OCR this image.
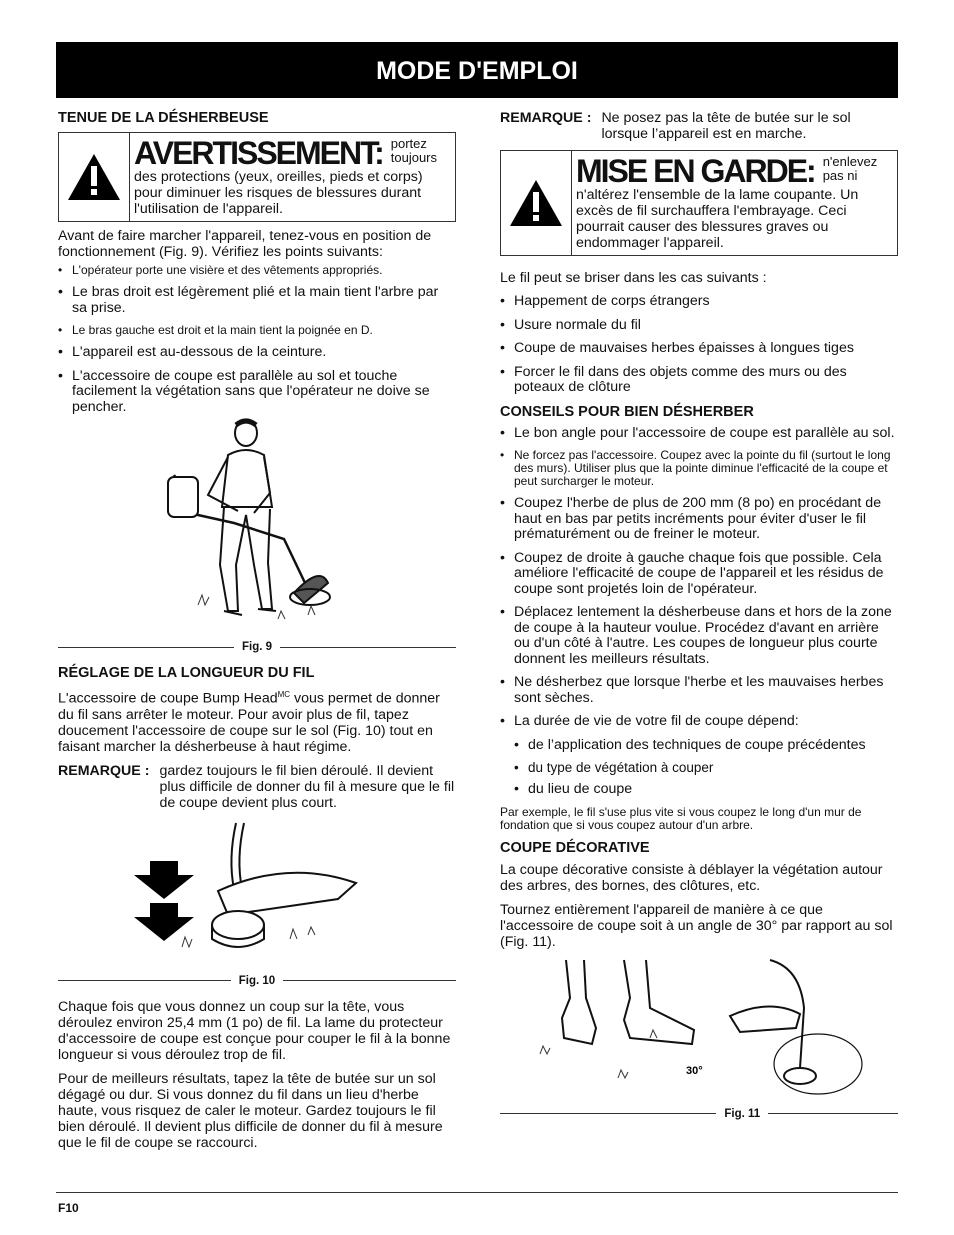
MODE D'EMPLOI
TENUE DE LA DÉSHERBEUSE
AVERTISSEMENT: portez toujours
des protections (yeux, oreilles, pieds et corps) pour diminuer les risques de blessures durant l'utilisation de l'appareil.

Avant de faire marcher l'appareil, tenez-vous en position de fonctionnement (Fig. 9). Vérifiez les points suivants:

• L'opérateur porte une visière et des vêtements appropriés.
• Le bras droit est légèrement plié et la main tient l'arbre par sa prise.
• Le bras gauche est droit et la main tient la poignée en D.
• L'appareil est au-dessous de la ceinture.
• L'accessoire de coupe est parallèle au sol et touche facilement la végétation sans que l'opérateur ne doive se pencher.
Fig. 9
RÉGLAGE DE LA LONGUEUR DU FIL

L'accessoire de coupe Bump Head$^{MC}$ vous permet de donner du fil sans arrêter le moteur. Pour avoir plus de fil, tapez doucement l'accessoire de coupe sur le sol (Fig. 10) tout en faisant marcher la désherbeuse à haut régime.

REMARQUE : gardez toujours le fil bien déroulé. Il devient plus difficile de donner du fil à mesure que le fil de coupe devient plus court.
Fig. 10

Chaque fois que vous donnez un coup sur la tête, vous déroulez environ 25,4 mm (1 po) de fil. La lame du protecteur d'accessoire de coupe est conçue pour couper le fil à la bonne longueur si vous déroulez trop de fil.

Pour de meilleurs résultats, tapez la tête de butée sur un sol dégagé ou dur. Si vous donnez du fil dans un lieu d'herbe haute, vous risquez de caler le moteur. Gardez toujours le fil bien déroulé. Il devient plus difficile de donner du fil à mesure que le fil de coupe se raccourci.

REMARQUE : Ne posez pas la tête de butée sur le sol lorsque l’appareil est en marche.
MISE EN GARDE: n'enlevez pas ni
n'altérez l'ensemble de la lame coupante. Un excès de fil surchauffera l'embrayage. Ceci pourrait causer des blessures graves ou endommager l'appareil.

Le fil peut se briser dans les cas suivants :

• Happement de corps étrangers
• Usure normale du fil
• Coupe de mauvaises herbes épaisses à longues tiges
• Forcer le fil dans des objets comme des murs ou des poteaux de clôture
CONSEILS POUR BIEN DÉSHERBER
• Le bon angle pour l'accessoire de coupe est parallèle au sol.
• Ne forcez pas l'accessoire. Coupez avec la pointe du fil (surtout le long des murs). Utiliser plus que la pointe diminue l'efficacité de la coupe et peut surcharger le moteur.
• Coupez l'herbe de plus de 200 mm (8 po) en procédant de haut en bas par petits incréments pour éviter d'user le fil prématurément ou de freiner le moteur.
• Coupez de droite à gauche chaque fois que possible. Cela améliore l'efficacité de coupe de l'appareil et les résidus de coupe sont projetés loin de l'opérateur.
• Déplacez lentement la désherbeuse dans et hors de la zone de coupe à la hauteur voulue. Procédez d'avant en arrière ou d'un côté à l'autre. Les coupes de longueur plus courte donnent les meilleurs résultats.
• Ne désherbez que lorsque l'herbe et les mauvaises herbes sont sèches.
• La durée de vie de votre fil de coupe dépend:
• de l’application des techniques de coupe précédentes
• du type de végétation à couper
• du lieu de coupe

Par exemple, le fil s'use plus vite si vous coupez le long d'un mur de fondation que si vous coupez autour d'un arbre.

COUPE DÉCORATIVE

La coupe décorative consiste à déblayer la végétation autour des arbres, des bornes, des clôtures, etc.

Tournez entièrement l'appareil de manière à ce que l'accessoire de coupe soit à un angle de 30° par rapport au sol (Fig. 11).

30°
Fig. 11
F10
